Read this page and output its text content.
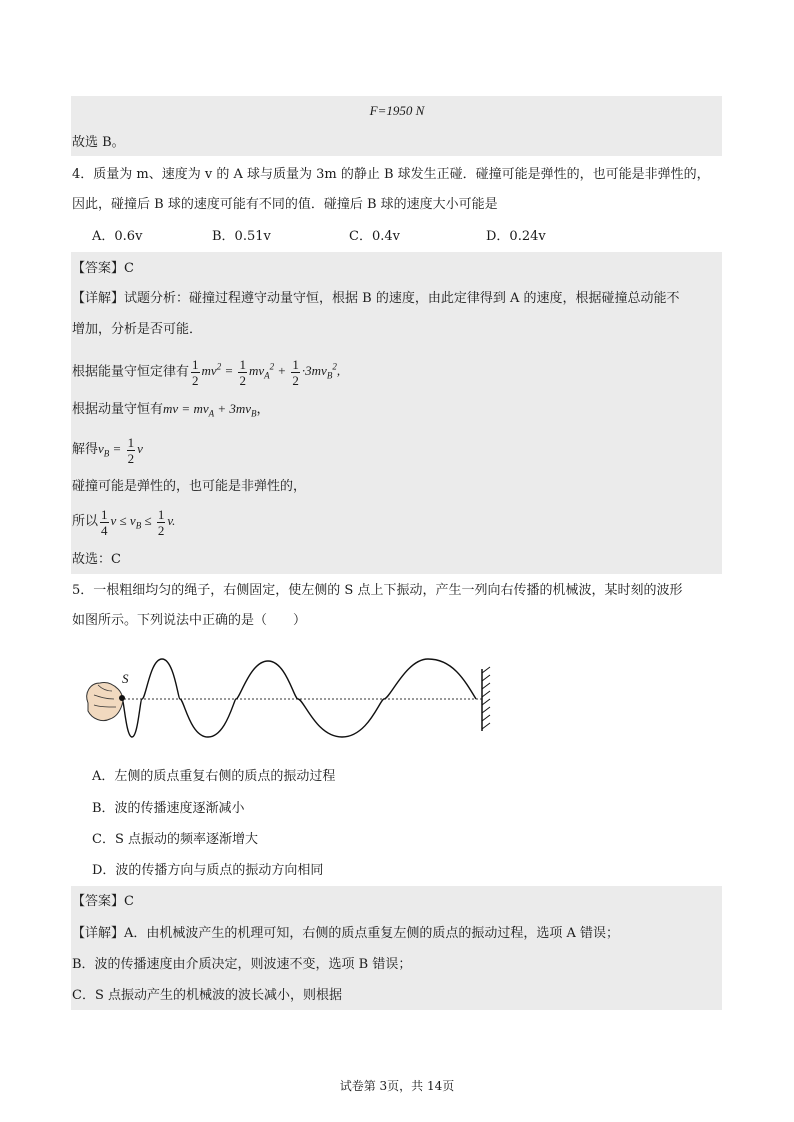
F=1950 N
故选 B。
4．质量为 m、速度为 v 的 A 球与质量为 3m 的静止 B 球发生正碰．碰撞可能是弹性的，也可能是非弹性的，
因此，碰撞后 B 球的速度可能有不同的值．碰撞后 B 球的速度大小可能是
A．0.6v	B．0.51v	C．0.4v	D．0.24v
【答案】C
【详解】试题分析：碰撞过程遵守动量守恒，根据 B 的速度，由此定律得到 A 的速度，根据碰撞总动能不
增加，分析是否可能．
根据能量守恒定律有 $\frac{1}{2} mv^2 = \frac{1}{2} mv_A^2 + \frac{1}{2} \cdot 3mv_B^2$,
根据动量守恒有mv = $mv_A + 3mv_B$，
解得$v_B = \frac{1}{2}$ v
碰撞可能是弹性的，也可能是非弹性的，
所以 $\frac{1}{4}$ $v \le v_B \le \frac{1}{2} v$.
故选：C
5．一根粗细均匀的绳子，右侧固定，使左侧的 S 点上下振动，产生一列向右传播的机械波，某时刻的波形
如图所示。下列说法中正确的是（　　）
S
A．左侧的质点重复右侧的质点的振动过程
B．波的传播速度逐渐减小
C．S 点振动的频率逐渐增大
D．波的传播方向与质点的振动方向相同
【答案】C
【详解】A．由机械波产生的机理可知，右侧的质点重复左侧的质点的振动过程，选项 A 错误；
B．波的传播速度由介质决定，则波速不变，选项 B 错误；
C．S 点振动产生的机械波的波长减小，则根据
试卷第 3页，共 14页
